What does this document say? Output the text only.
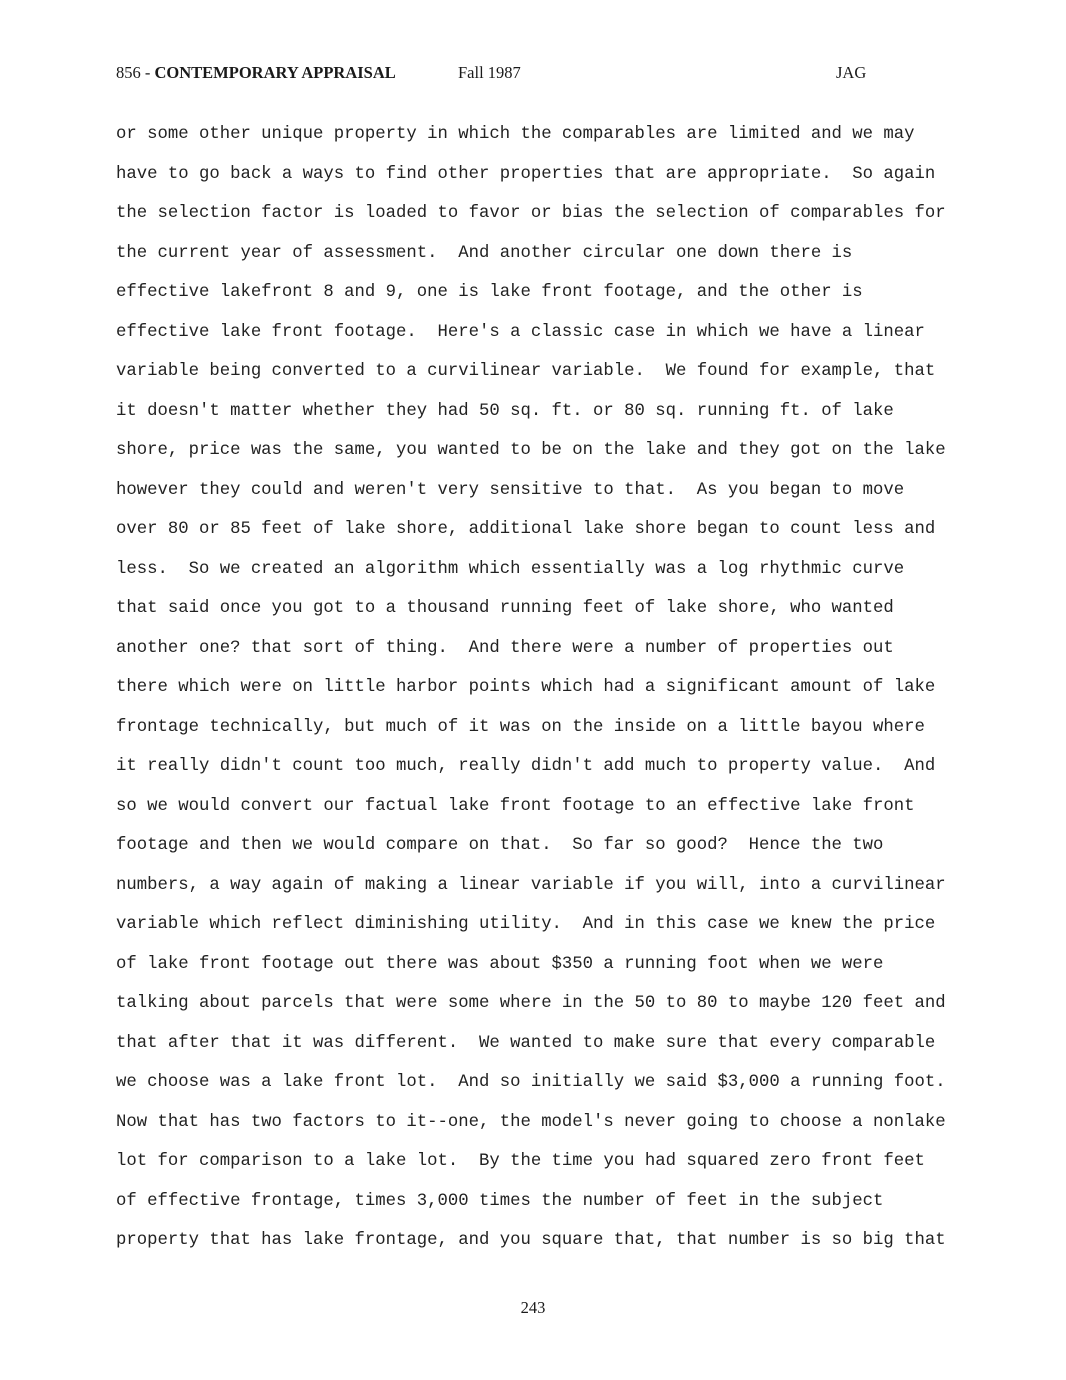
856 - CONTEMPORARY APPRAISAL	Fall 1987	JAG
or some other unique property in which the comparables are limited and we may
have to go back a ways to find other properties that are appropriate.  So again
the selection factor is loaded to favor or bias the selection of comparables for
the current year of assessment.  And another circular one down there is
effective lakefront 8 and 9, one is lake front footage, and the other is
effective lake front footage.  Here's a classic case in which we have a linear
variable being converted to a curvilinear variable.  We found for example, that
it doesn't matter whether they had 50 sq. ft. or 80 sq. running ft. of lake
shore, price was the same, you wanted to be on the lake and they got on the lake
however they could and weren't very sensitive to that.  As you began to move
over 80 or 85 feet of lake shore, additional lake shore began to count less and
less.  So we created an algorithm which essentially was a log rhythmic curve
that said once you got to a thousand running feet of lake shore, who wanted
another one? that sort of thing.  And there were a number of properties out
there which were on little harbor points which had a significant amount of lake
frontage technically, but much of it was on the inside on a little bayou where
it really didn't count too much, really didn't add much to property value.  And
so we would convert our factual lake front footage to an effective lake front
footage and then we would compare on that.  So far so good?  Hence the two
numbers, a way again of making a linear variable if you will, into a curvilinear
variable which reflect diminishing utility.  And in this case we knew the price
of lake front footage out there was about $350 a running foot when we were
talking about parcels that were some where in the 50 to 80 to maybe 120 feet and
that after that it was different.  We wanted to make sure that every comparable
we choose was a lake front lot.  And so initially we said $3,000 a running foot.
Now that has two factors to it--one, the model's never going to choose a nonlake
lot for comparison to a lake lot.  By the time you had squared zero front feet
of effective frontage, times 3,000 times the number of feet in the subject
property that has lake frontage, and you square that, that number is so big that
243
